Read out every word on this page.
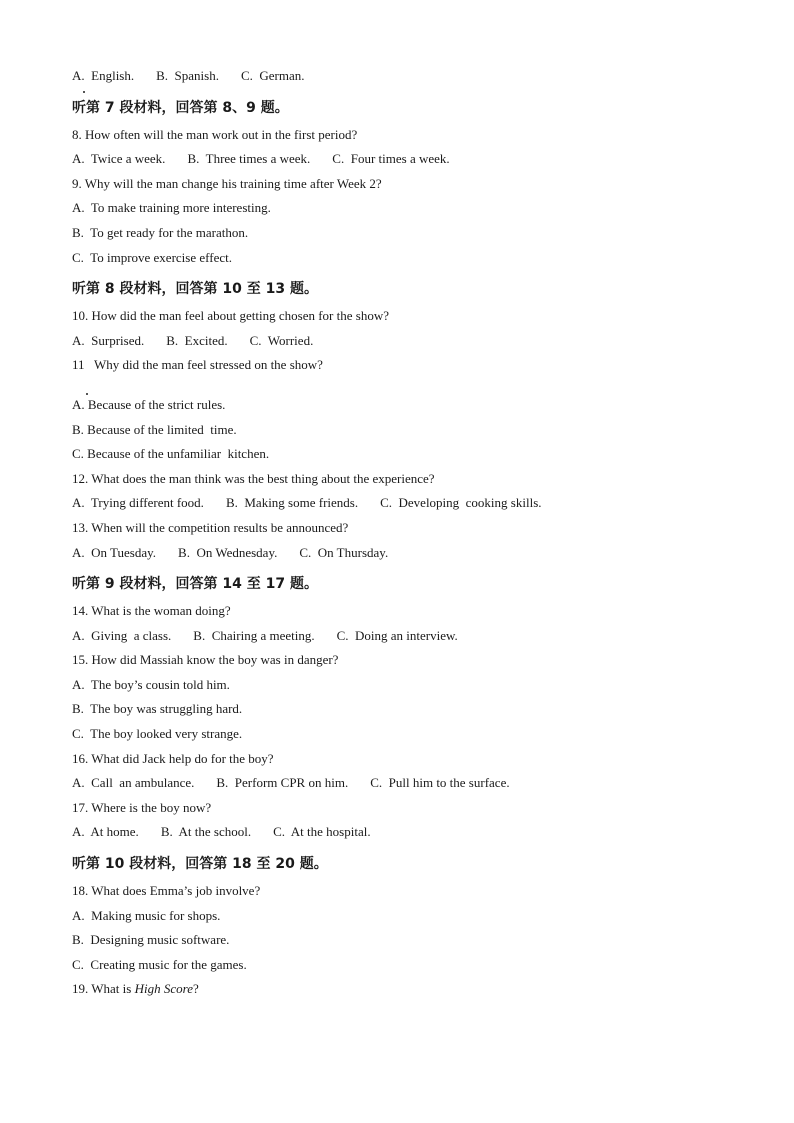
A.  English. B.  Spanish. C.  German.
听第 7 段材料，回答第 8、9 题。
8. How often will the man work out in the first period?
A.  Twice a week. B.  Three times a week. C.  Four times a week.
9. Why will the man change his training time after Week 2?
A.  To make training more interesting.
B.  To get ready for the marathon.
C.  To improve exercise effect.
听第 8 段材料，回答第 10 至 13 题。
10. How did the man feel about getting chosen for the show?
A.  Surprised. B.  Excited. C.  Worried.
11   Why did the man feel stressed on the show?
A. Because of the strict rules.
B. Because of the limited  time.
C. Because of the unfamiliar  kitchen.
12. What does the man think was the best thing about the experience?
A.  Trying different food. B.  Making some friends. C.  Developing  cooking skills.
13. When will the competition results be announced?
A.  On Tuesday. B.  On Wednesday. C.  On Thursday.
听第 9 段材料，回答第 14 至 17 题。
14. What is the woman doing?
A.  Giving  a class. B.  Chairing a meeting. C.  Doing an interview.
15. How did Massiah know the boy was in danger?
A.  The boy’s cousin told him.
B.  The boy was struggling hard.
C.  The boy looked very strange.
16. What did Jack help do for the boy?
A.  Call  an ambulance. B.  Perform CPR on him. C.  Pull him to the surface.
17. Where is the boy now?
A.  At home. B.  At the school. C.  At the hospital.
听第 10 段材料，回答第 18 至 20 题。
18. What does Emma’s job involve?
A.  Making music for shops.
B.  Designing music software.
C.  Creating music for the games.
19. What is High Score?
